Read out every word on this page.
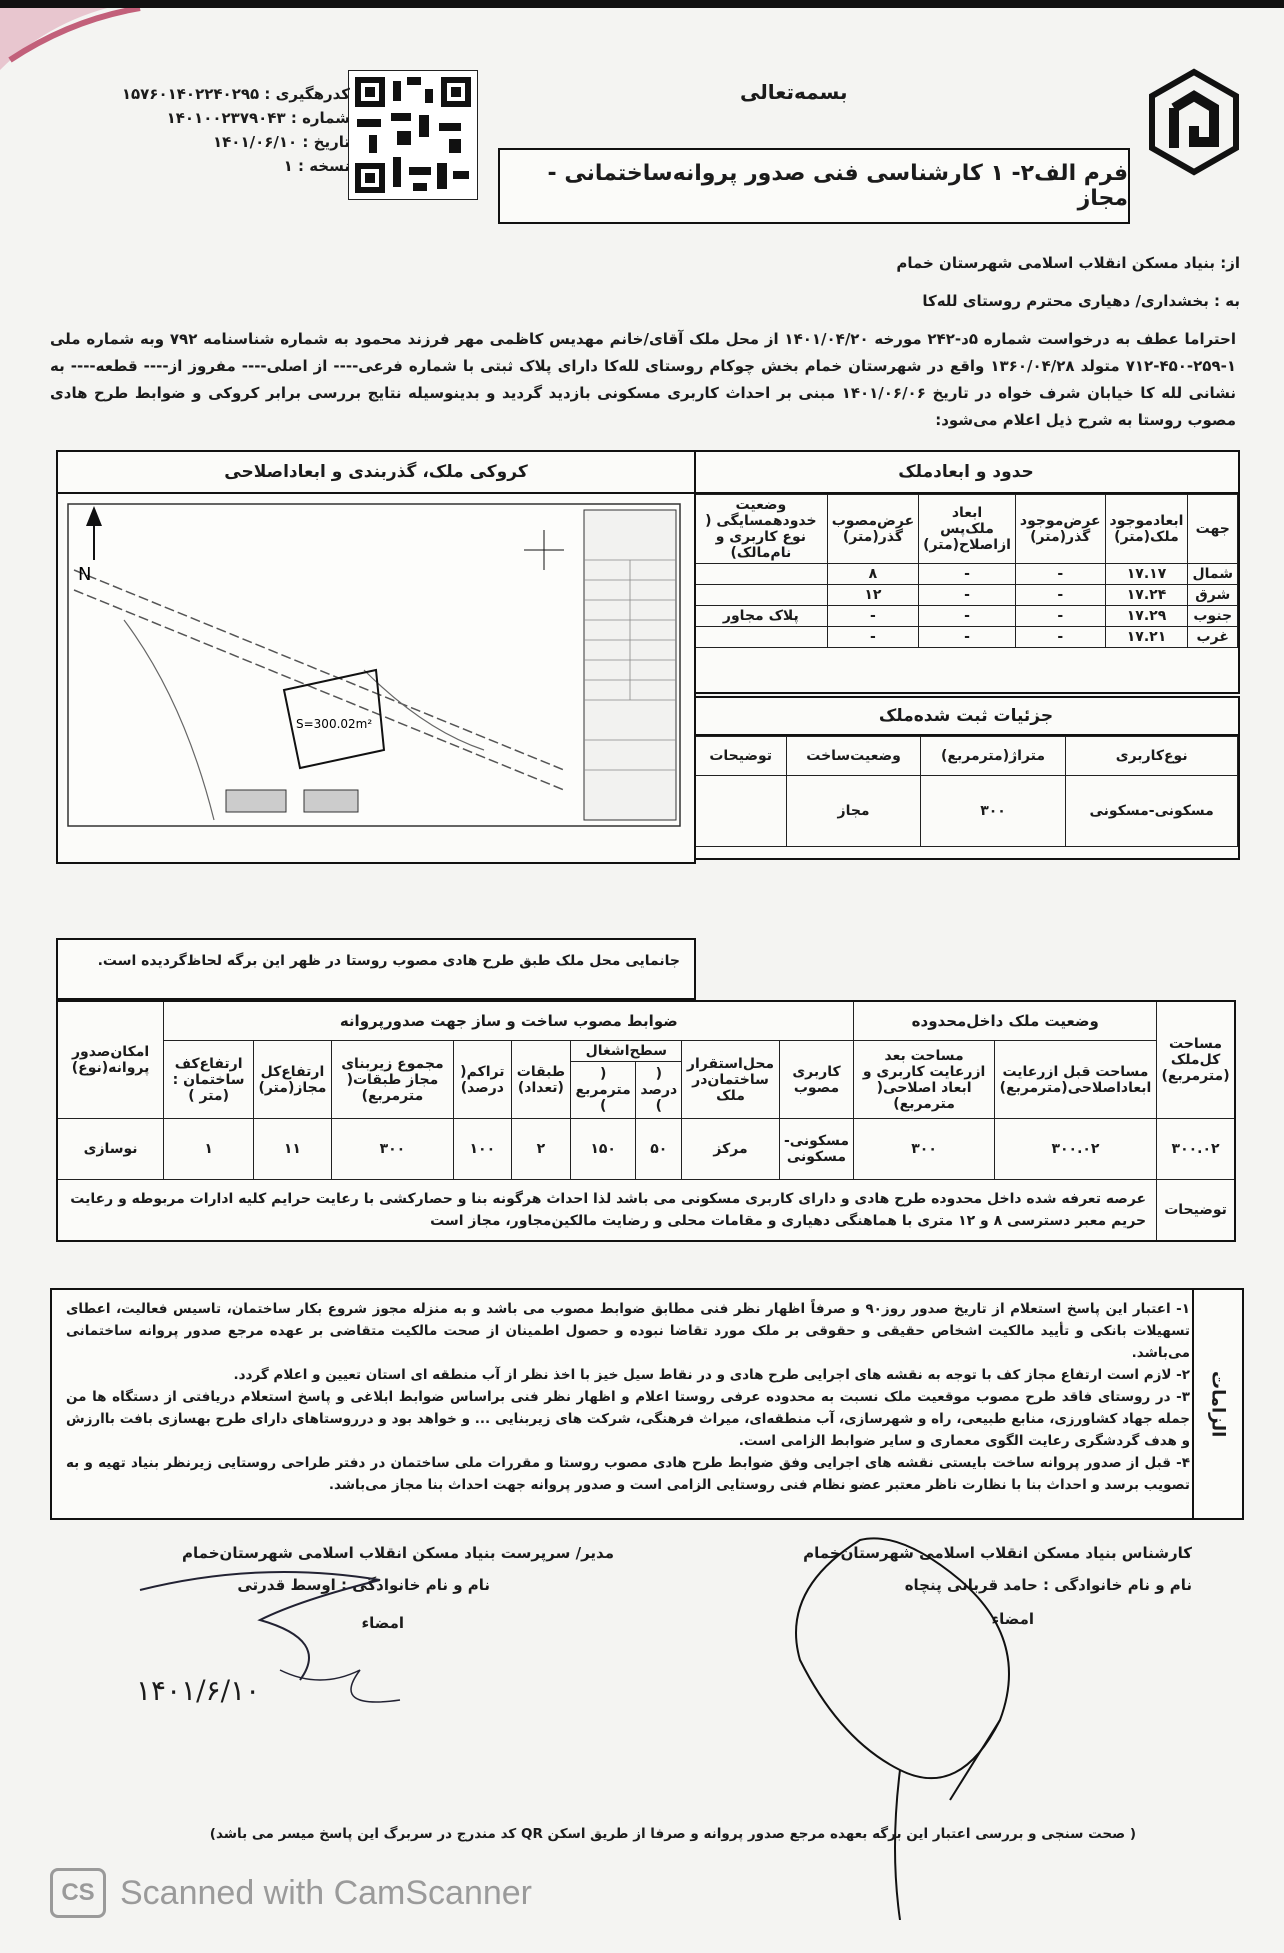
بسمه‌تعالی
کدرهگیری : ۱۵۷۶۰۱۴۰۲۲۴۰۲۹۵
شماره : ۱۴۰۱۰۰۲۳۷۹۰۴۳
تاریخ : ۱۴۰۱/۰۶/۱۰
نسخه : ۱	فرم الف۲- ۱ کارشناسی فنی صدور پروانه‌ساختمانی - مجاز
از: بنیاد مسکن انقلاب اسلامی شهرستان خمام
به : بخشداری/ دهیاری محترم روستای لله‌کا
احتراما عطف به درخواست شماره ۵د-۲۴۲ مورخه ۱۴۰۱/۰۴/۲۰ از محل ملک آقای/خانم مهدیس کاظمی مهر فرزند محمود به شماره شناسنامه ۷۹۲ وبه شماره ملی ۱-۲۵۹-۴۵۰-۷۱۲ متولد ۱۳۶۰/۰۴/۲۸ واقع در شهرستان خمام بخش چوکام روستای لله‌کا دارای پلاک ثبتی با شماره فرعی---- از اصلی---- مفروز از---- قطعه---- به نشانی لله کا خیابان شرف خواه در تاریخ ۱۴۰۱/۰۶/۰۶ مبنی بر احداث کاربری مسکونی بازدید گردید و بدینوسیله نتایج بررسی برابر کروکی و ضوابط طرح هادی مصوب روستا به شرح ذیل اعلام می‌شود:
حدود و ابعادملک
جهت	ابعادموجود ملک(متر)	عرض‌موجود گذر(متر)	ابعاد ملک‌پس ازاصلاح(متر)	عرض‌مصوب گذر(متر)	وضعیت خدودهمسایگی ( نوع کاربری و نام‌مالک)
شمال	۱۷.۱۷	-	-	۸	
شرق	۱۷.۲۴	-	-	۱۲	
جنوب	۱۷.۲۹	-	-	-	پلاک مجاور
غرب	۱۷.۲۱	-	-	-	
جزئیات ثبت شده‌ملک
نوع‌کاربری	متراژ(مترمربع)	وضعیت‌ساخت	توضیحات
مسکونی-مسکونی	۳۰۰	مجاز	
کروکی ملک، گذربندی و ابعاداصلاحی
N
S=300.02m²
جانمایی محل ملک طبق طرح هادی مصوب روستا در ظهر این برگه لحاظ‌گردیده است.
مساحت کل‌ملک (مترمربع)	وضعیت ملک داخل‌محدوده		ضوابط مصوب ساخت و ساز جهت صدورپروانه									امکان‌صدور پروانه(نوع)
	مساحت قبل ازرعایت ابعاداصلاحی(مترمربع)	مساحت بعد ازرعایت کاربری و ابعاد اصلاحی( مترمربع)	کاربری مصوب	محل‌استقرار ساختمان‌در ملک	سطح‌اشغال		طبقات (تعداد)	تراکم( درصد)	مجموع زیربنای مجاز طبقات( مترمربع)	ارتفاع‌کل مجاز(متر)	ارتفاع‌کف ساختمان : (متر )	
					( درصد )	( مترمربع )						
۳۰۰.۰۲	۳۰۰.۰۲	۳۰۰	مسکونی-مسکونی	مرکز	۵۰	۱۵۰	۲	۱۰۰	۳۰۰	۱۱	۱	نوسازی
توضیحات	عرصه تعرفه شده داخل محدوده طرح هادی و دارای کاربری مسکونی می باشد لذا احداث هرگونه بنا و حصارکشی با رعایت حرایم کلیه ادارات مربوطه و رعایت حریم معبر دسترسی ۸ و ۱۲ متری با هماهنگی دهیاری و مقامات محلی و رضایت مالکین‌مجاور، مجاز است											
الزامات
۱- اعتبار این پاسخ استعلام از تاریخ صدور روز۹۰ و صرفاً اظهار نظر فنی مطابق ضوابط مصوب می باشد و به منزله مجوز شروع بکار ساختمان، تاسیس فعالیت، اعطای تسهیلات بانکی و تأیید مالکیت اشخاص حقیقی و حقوقی بر ملک مورد تقاضا نبوده و حصول اطمینان از صحت مالکیت متقاضی بر عهده مرجع صدور پروانه ساختمانی می‌باشد.
۲- لازم است ارتفاع مجاز کف با توجه به نقشه های اجرایی طرح هادی و در نقاط سیل خیز با اخذ نظر از آب منطقه ای استان تعیین و اعلام گردد.
۳- در روستای فاقد طرح مصوب موقعیت ملک نسبت به محدوده عرفی روستا اعلام و اظهار نظر فنی براساس ضوابط ابلاغی و پاسخ استعلام دریافتی از دستگاه ها من جمله جهاد کشاورزی، منابع طبیعی، راه و شهرسازی، آب منطقه‌ای، میراث فرهنگی، شرکت های زیربنایی ... و خواهد بود و درروستاهای دارای طرح بهسازی بافت باارزش و هدف گردشگری رعایت الگوی معماری و سایر ضوابط الزامی است.
۴- قبل از صدور پروانه ساخت بایستی نقشه های اجرایی وفق ضوابط طرح هادی مصوب روستا و مقررات ملی ساختمان در دفتر طراحی روستایی زیرنظر بنیاد تهیه و به تصویب برسد و احداث بنا با نظارت ناظر معتبر عضو نظام فنی روستایی الزامی است و صدور پروانه جهت احداث بنا مجاز می‌باشد.
کارشناس بنیاد مسکن انقلاب اسلامی شهرستان‌خمام
نام و نام خانوادگی : حامد قربانی پنچاه
امضاء
مدیر/ سرپرست بنیاد مسکن انقلاب اسلامی شهرستان‌خمام
نام و نام خانوادگی : اوسط قدرتی
امضاء
۱۴۰۱/۶/۱۰
( صحت سنجی و بررسی اعتبار این برگه بعهده مرجع صدور پروانه و صرفا از طریق اسکن QR کد مندرج در سربرگ این پاسخ میسر می باشد)
CS Scanned with CamScanner
